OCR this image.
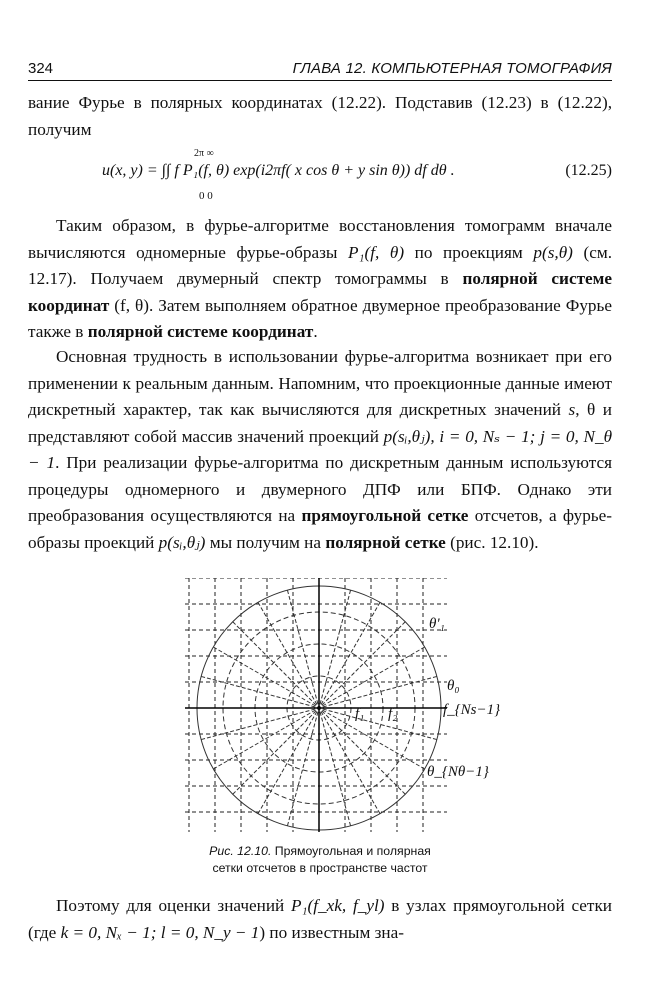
324	ГЛАВА 12. КОМПЬЮТЕРНАЯ ТОМОГРАФИЯ

вание Фурье в полярных координатах (12.22). Подставив (12.23) в (12.22), получим

2π ∞
u(x, y) = ∫∫ f P₁(f, θ) exp(i2πf( x cos θ + y sin θ)) df dθ .
0 0
(12.25)

Таким образом, в фурье-алгоритме восстановления томограмм вначале вычисляются одномерные фурье-образы P₁(f, θ) по проекциям p(s,θ) (см. 12.17). Получаем двумерный спектр томограммы в полярной системе координат (f, θ). Затем выполняем обратное двумерное преобразование Фурье также в полярной системе координат.

Основная трудность в использовании фурье-алгоритма возникает при его применении к реальным данным. Напомним, что проекционные данные имеют дискретный характер, так как вычисляются для дискретных значений s, θ и представляют собой массив значений проекций p(sᵢ,θⱼ), i = 0, Nₛ − 1; j = 0, N_θ − 1. При реализации фурье-алгоритма по дискретным данным используются процедуры одномерного и двумерного ДПФ или БПФ. Однако эти преобразования осуществляются на прямоугольной сетке отсчетов, а фурье-образы проекций p(sᵢ,θⱼ) мы получим на полярной сетке (рис. 12.10).

θ'₁
θ₀
f₁ f₂	f_{Ns−1}
θ_{Nθ−1}
Рис. 12.10. Прямоугольная и полярная
сетки отсчетов в пространстве частот

Поэтому для оценки значений P₁(f_xk, f_yl) в узлах прямоугольной сетки (где k = 0, Nₓ − 1; l = 0, N_y − 1) по известным зна-
